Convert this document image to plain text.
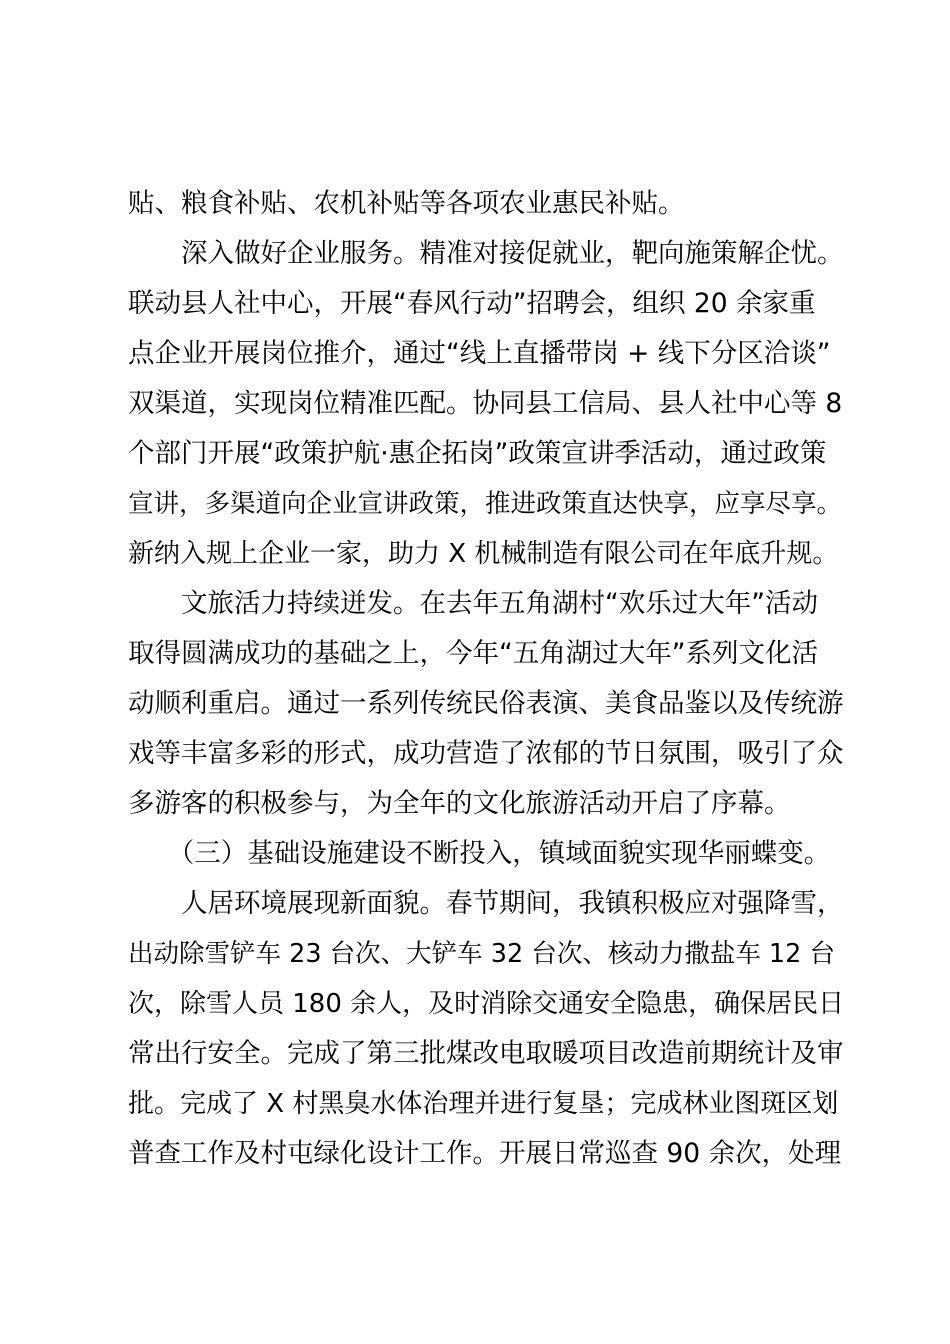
贴、粮食补贴、农机补贴等各项农业惠民补贴。
　　深入做好企业服务。精准对接促就业，靶向施策解企忧。
联动县人社中心，开展“春风行动”招聘会，组织 20 余家重
点企业开展岗位推介，通过“线上直播带岗 + 线下分区洽谈”
双渠道，实现岗位精准匹配。协同县工信局、县人社中心等 8
个部门开展“政策护航·惠企拓岗”政策宣讲季活动，通过政策
宣讲，多渠道向企业宣讲政策，推进政策直达快享，应享尽享。
新纳入规上企业一家，助力 X 机械制造有限公司在年底升规。
　　文旅活力持续迸发。在去年五角湖村“欢乐过大年”活动
取得圆满成功的基础之上，今年“五角湖过大年”系列文化活
动顺利重启。通过一系列传统民俗表演、美食品鉴以及传统游
戏等丰富多彩的形式，成功营造了浓郁的节日氛围，吸引了众
多游客的积极参与，为全年的文化旅游活动开启了序幕。
　　（三）基础设施建设不断投入，镇域面貌实现华丽蝶变。
　　人居环境展现新面貌。春节期间，我镇积极应对强降雪，
出动除雪铲车 23 台次、大铲车 32 台次、核动力撒盐车 12 台
次，除雪人员 180 余人，及时消除交通安全隐患，确保居民日
常出行安全。完成了第三批煤改电取暖项目改造前期统计及审
批。完成了 X 村黑臭水体治理并进行复垦；完成林业图斑区划
普查工作及村屯绿化设计工作。开展日常巡查 90 余次，处理
